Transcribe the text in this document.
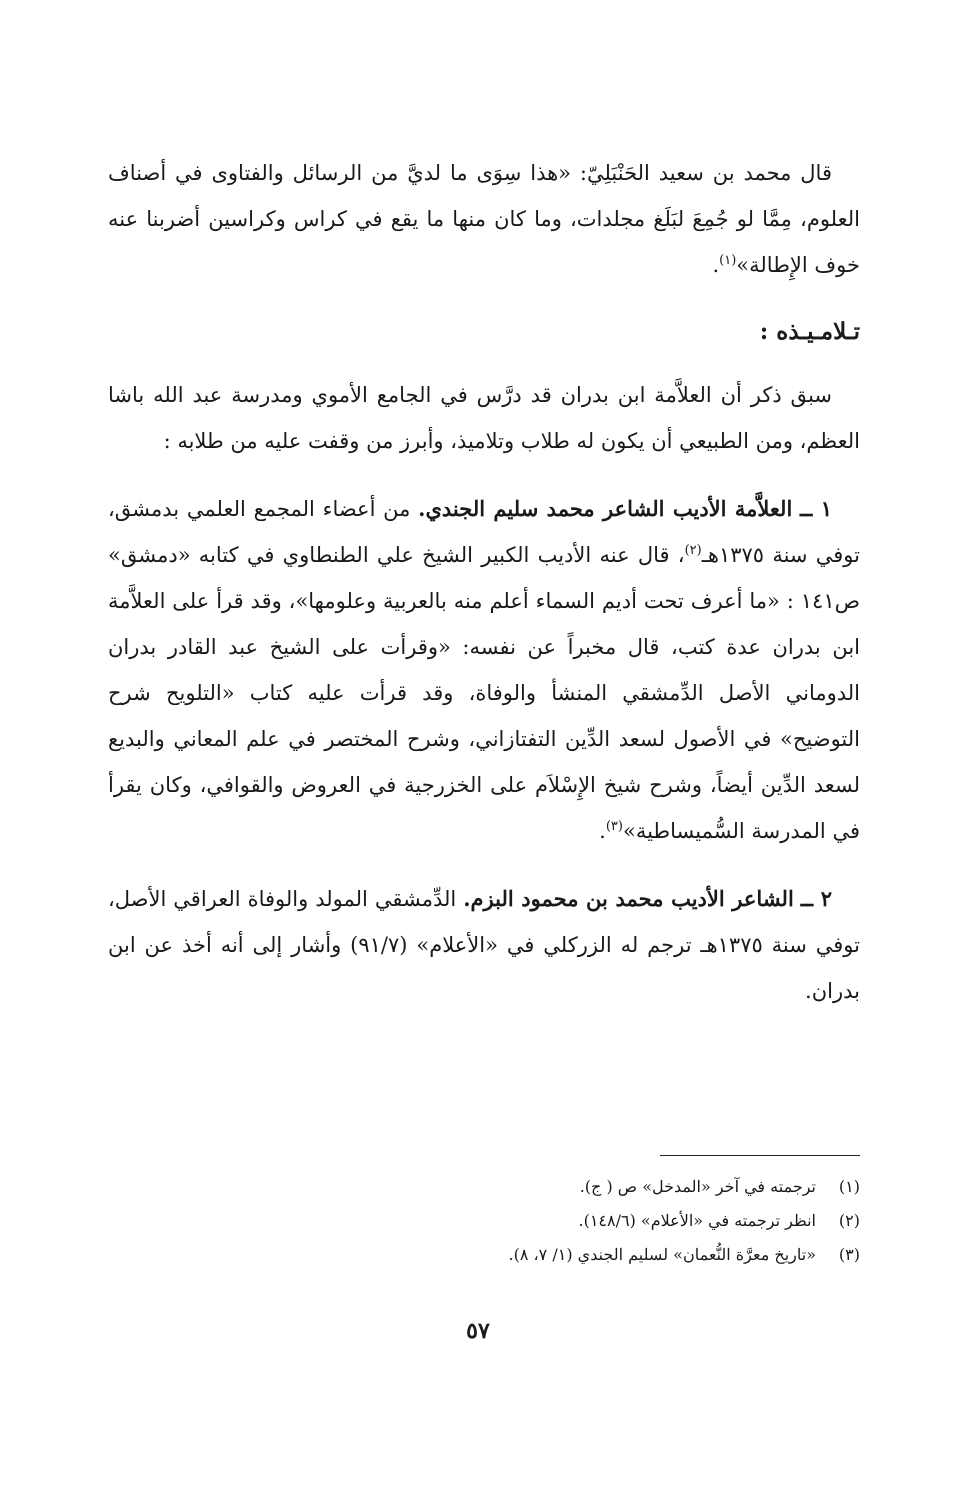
قال محمد بن سعيد الحَنْبَلِيّ: «هذا سِوَى ما لديَّ من الرسائل والفتاوى في أصناف العلوم، مِمَّا لو جُمِعَ لبَلَغ مجلدات، وما كان منها ما يقع في كراس وكراسين أضربنا عنه خوف الإِطالة»$^{(١)}$.

تـلامـيـذه :

سبق ذكر أن العلاَّمة ابن بدران قد درَّس في الجامع الأموي ومدرسة عبد الله باشا العظم، ومن الطبيعي أن يكون له طلاب وتلاميذ، وأبرز من وقفت عليه من طلابه :

١ ــ العلاَّمة الأديب الشاعر محمد سليم الجندي. من أعضاء المجمع العلمي بدمشق، توفي سنة ١٣٧٥هـ$^{(٢)}$، قال عنه الأديب الكبير الشيخ علي الطنطاوي في كتابه «دمشق» ص١٤١ : «ما أعرف تحت أديم السماء أعلم منه بالعربية وعلومها»، وقد قرأ على العلاَّمة ابن بدران عدة كتب، قال مخبراً عن نفسه: «وقرأت على الشيخ عبد القادر بدران الدوماني الأصل الدِّمشقي المنشأ والوفاة، وقد قرأت عليه كتاب «التلويح شرح التوضيح» في الأصول لسعد الدِّين التفتازاني، وشرح المختصر في علم المعاني والبديع لسعد الدِّين أيضاً، وشرح شيخ الإِسْلاَم على الخزرجية في العروض والقوافي، وكان يقرأ في المدرسة السُّميساطية»$^{(٣)}$.

٢ ــ الشاعر الأديب محمد بن محمود البزم. الدِّمشقي المولد والوفاة العراقي الأصل، توفي سنة ١٣٧٥هـ ترجم له الزركلي في «الأعلام» (٩١/٧) وأشار إلى أنه أخذ عن ابن بدران.

(١)ترجمته في آخر «المدخل» ص ( ج).

(٢)انظر ترجمته في «الأعلام» (١٤٨/٦).

(٣)«تاريخ معرَّة النُّعمان» لسليم الجندي (١/ ٧، ٨).

٥٧
